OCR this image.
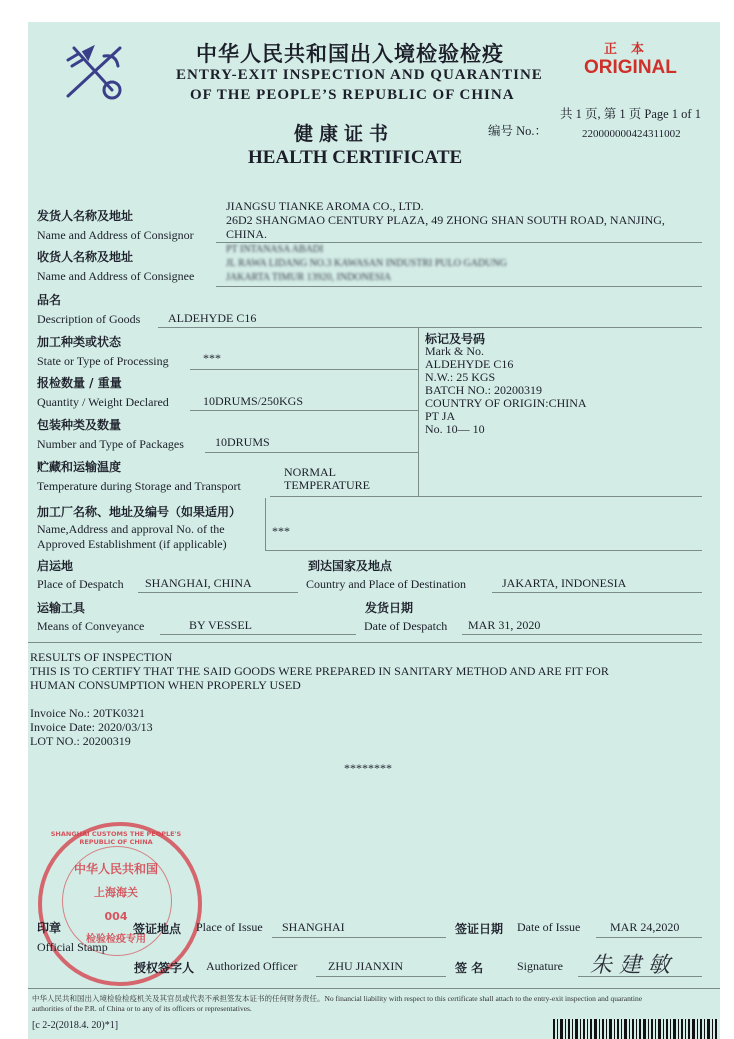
中华人民共和国出入境检验检疫
ENTRY-EXIT INSPECTION AND QUARANTINE
OF THE PEOPLE’S REPUBLIC OF CHINA
正本
ORIGINAL
共 1 页, 第 1 页 Page 1 of 1
健康证书
HEALTH CERTIFICATE
编号 No.：	220000000424311002
发货人名称及地址
Name and Address of Consignor
JIANGSU TIANKE AROMA CO., LTD.
26D2 SHANGMAO CENTURY PLAZA, 49 ZHONG SHAN SOUTH ROAD, NANJING,
CHINA.
收货人名称及地址
Name and Address of Consignee
PT INTANASA ABADI
JL RAWA LIDANG NO.3 KAWASAN INDUSTRI PULO GADUNG
JAKARTA TIMUR 13920, INDONESIA
品名
Description of Goods ALDEHYDE C16
标记及号码
Mark & No.
ALDEHYDE C16
N.W.: 25 KGS
BATCH NO.: 20200319
COUNTRY OF ORIGIN:CHINA
PT JA
No. 10— 10
加工种类或状态
State or Type of Processing	***
报检数量 / 重量
Quantity / Weight Declared	10DRUMS/250KGS
包装种类及数量
Number and Type of Packages	10DRUMS
贮藏和运输温度
Temperature during Storage and Transport
NORMAL
TEMPERATURE
加工厂名称、地址及编号（如果适用）
Name,Address and approval No. of the
Approved Establishment (if applicable)
***
启运地
Place of Despatch SHANGHAI, CHINA
到达国家及地点
Country and Place of Destination	JAKARTA, INDONESIA
运输工具
Means of Conveyance	BY VESSEL
发货日期
Date of Despatch MAR 31, 2020
RESULTS OF INSPECTION
THIS IS TO CERTIFY THAT THE SAID GOODS WERE PREPARED IN SANITARY METHOD AND ARE FIT FOR
HUMAN CONSUMPTION WHEN PROPERLY USED
Invoice No.: 20TK0321
Invoice Date: 2020/03/13
LOT NO.: 20200319
********
SHANGHAI CUSTOMS THE PEOPLE'S REPUBLIC OF CHINA
中华人民共和国
上海海关
004
检验检疫专用
印章
Official Stamp
签证地点 Place of Issue SHANGHAI	签证日期 Date of Issue MAR 24,2020
授权签字人 Authorized Officer	ZHU JIANXIN	签 名	Signature 朱 建 敏
中华人民共和国出入境检验检疫机关及其官员或代表不承担签发本证书的任何财务责任。No financial liability with respect to this certificate shall attach to the entry-exit inspection and quarantine
authorities of the P.R. of China or to any of its officers or representatives.
[c 2-2(2018.4. 20)*1]
